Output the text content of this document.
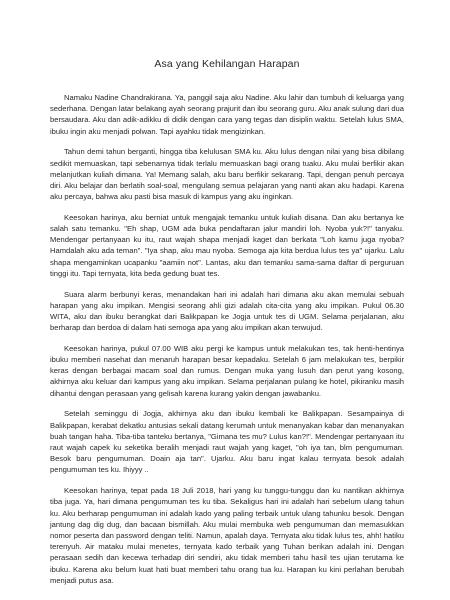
Asa yang Kehilangan Harapan

Namaku Nadine Chandrakirana. Ya, panggil saja aku Nadine. Aku lahir dan tumbuh di keluarga yang sederhana. Dengan latar belakang ayah seorang prajurit dan ibu seorang guru. Aku anak sulung dari dua bersaudara. Aku dan adik-adikku di didik dengan cara yang tegas dan disiplin waktu. Setelah lulus SMA, ibuku ingin aku menjadi polwan. Tapi ayahku tidak mengizinkan.

Tahun demi tahun berganti, hingga tiba kelulusan SMA ku. Aku lulus dengan nilai yang bisa dibilang sedikit memuaskan, tapi sebenarnya tidak terlalu memuaskan bagi orang tuaku. Aku mulai berfikir akan melanjutkan kuliah dimana. Ya! Memang salah, aku baru berfikir sekarang. Tapi, dengan penuh percaya diri. Aku belajar dan berlatih soal-soal, mengulang semua pelajaran yang nanti akan aku hadapi. Karena aku percaya, bahwa aku pasti bisa masuk di kampus yang aku inginkan.

Keesokan harinya, aku berniat untuk mengajak temanku untuk kuliah disana. Dan aku bertanya ke salah satu temanku. "Eh shap, UGM ada buka pendaftaran jalur mandiri loh. Nyoba yuk?!" tanyaku. Mendengar pertanyaan ku itu, raut wajah shapa menjadi kaget dan berkata "Loh kamu juga nyoba? Hamdalah aku ada teman". "Iya shap, aku mau nyoba. Semoga aja kita berdua lulus tes ya" ujarku. Lalu shapa mengaminkan ucapanku "aamiin not". Lantas, aku dan temanku sama-sama daftar di perguruan tinggi itu. Tapi ternyata, kita beda gedung buat tes.

Suara alarm berbunyi keras, menandakan hari ini adalah hari dimana aku akan memulai sebuah harapan yang aku impikan. Mengisi seorang ahli gizi adalah cita-cita yang aku impikan. Pukul 06.30 WITA, aku dan ibuku berangkat dari Balikpapan ke Jogja untuk tes di UGM. Selama perjalanan, aku berharap dan berdoa di dalam hati semoga apa yang aku impikan akan terwujud.

Keesokan harinya, pukul 07.00 WIB aku pergi ke kampus untuk melakukan tes, tak henti-hentinya ibuku memberi nasehat dan menaruh harapan besar kepadaku. Setelah 6 jam melakukan tes, berpikir keras dengan berbagai macam soal dan rumus. Dengan muka yang lusuh dan perut yang kosong, akhirnya aku keluar dari kampus yang aku impikan. Selama perjalanan pulang ke hotel, pikiranku masih dihantui dengan perasaan yang gelisah karena kurang yakin dengan jawabanku.

Setelah seminggu di Jogja, akhirnya aku dan ibuku kembali ke Balikpapan. Sesampainya di Balikpapan, kerabat dekatku antusias sekali datang kerumah untuk menanyakan kabar dan menanyakan buah tangan haha. Tiba-tiba tanteku bertanya, "Gimana tes mu? Lulus kan?!". Mendengar pertanyaan itu raut wajah capek ku seketika beralih menjadi raut wajah yang kaget, "oh iya tan, blm pengumuman. Besok baru pengumuman. Doain aja tan". Ujarku. Aku baru ingat kalau ternyata besok adalah pengumuman tes ku. Ihiyyy ..

Keesokan harinya, tepat pada 18 Juli 2018, hari yang ku tunggu-tunggu dan ku nantikan akhirnya tiba juga. Ya, hari dimana pengumuman tes ku tiba. Sekaligus hari ini adalah hari sebelum ulang tahun ku. Aku berharap pengumuman ini adalah kado yang paling terbaik untuk ulang tahunku besok. Dengan jantung dag dig dug, dan bacaan bismillah. Aku mulai membuka web pengumuman dan memasukkan nomor peserta dan password dengan teliti. Namun, apalah daya. Ternyata aku tidak lulus tes, ahh! hatiku terenyuh. Air mataku mulai menetes, ternyata kado terbaik yang Tuhan berikan adalah ini. Dengan perasaan sedih dan kecewa terhadap diri sendiri, aku tidak memberi tahu hasil tes ujian terutama ke ibuku. Karena aku belum kuat hati buat memberi tahu orang tua ku. Harapan ku kini perlahan berubah menjadi putus asa.
